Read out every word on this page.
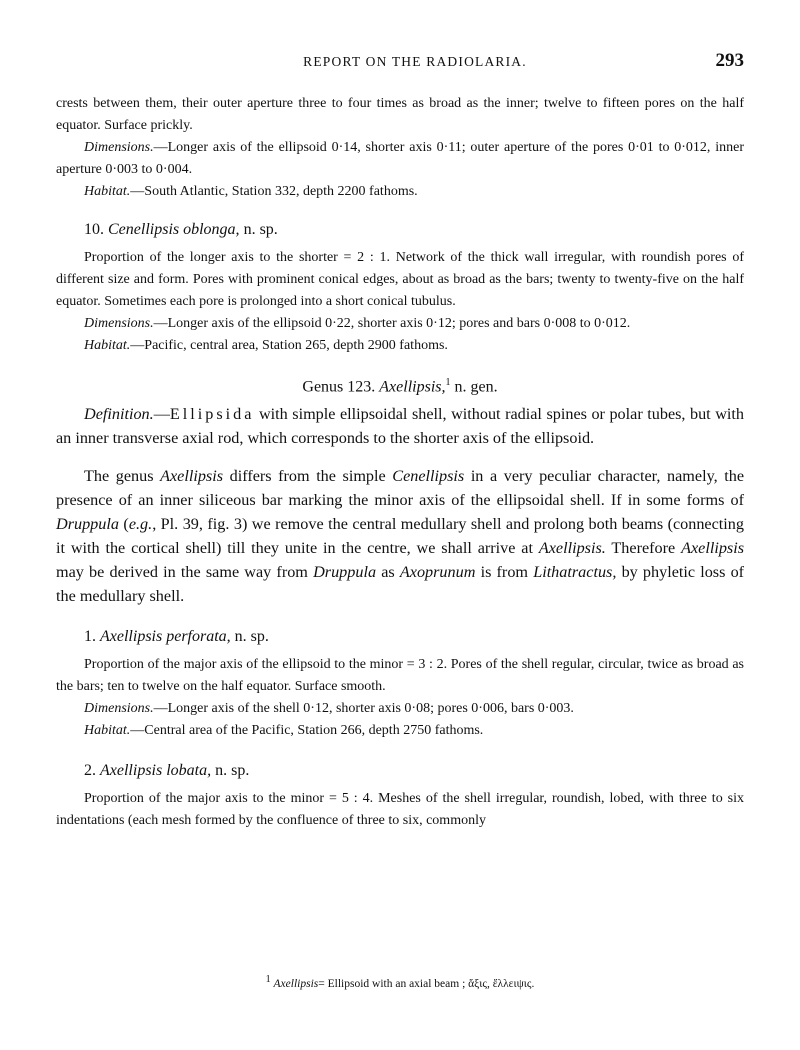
REPORT ON THE RADIOLARIA.	293

crests between them, their outer aperture three to four times as broad as the inner; twelve to fifteen pores on the half equator. Surface prickly.

Dimensions.—Longer axis of the ellipsoid 0·14, shorter axis 0·11; outer aperture of the pores 0·01 to 0·012, inner aperture 0·003 to 0·004.

Habitat.—South Atlantic, Station 332, depth 2200 fathoms.

10. Cenellipsis oblonga, n. sp.

Proportion of the longer axis to the shorter = 2 : 1. Network of the thick wall irregular, with roundish pores of different size and form. Pores with prominent conical edges, about as broad as the bars; twenty to twenty-five on the half equator. Sometimes each pore is prolonged into a short conical tubulus.

Dimensions.—Longer axis of the ellipsoid 0·22, shorter axis 0·12; pores and bars 0·008 to 0·012.

Habitat.—Pacific, central area, Station 265, depth 2900 fathoms.

Genus 123. Axellipsis,$^1$ n. gen.

Definition.—Ellipsida with simple ellipsoidal shell, without radial spines or polar tubes, but with an inner transverse axial rod, which corresponds to the shorter axis of the ellipsoid.

The genus Axellipsis differs from the simple Cenellipsis in a very peculiar character, namely, the presence of an inner siliceous bar marking the minor axis of the ellipsoidal shell. If in some forms of Druppula (e.g., Pl. 39, fig. 3) we remove the central medullary shell and prolong both beams (connecting it with the cortical shell) till they unite in the centre, we shall arrive at Axellipsis. Therefore Axellipsis may be derived in the same way from Druppula as Axoprunum is from Lithatractus, by phyletic loss of the medullary shell.

1. Axellipsis perforata, n. sp.

Proportion of the major axis of the ellipsoid to the minor = 3 : 2. Pores of the shell regular, circular, twice as broad as the bars; ten to twelve on the half equator. Surface smooth.

Dimensions.—Longer axis of the shell 0·12, shorter axis 0·08; pores 0·006, bars 0·003.

Habitat.—Central area of the Pacific, Station 266, depth 2750 fathoms.

2. Axellipsis lobata, n. sp.

Proportion of the major axis to the minor = 5 : 4. Meshes of the shell irregular, roundish, lobed, with three to six indentations (each mesh formed by the confluence of three to six, commonly

$^1$ Axellipsis= Ellipsoid with an axial beam ; ἄξις, ἔλλειψις.
